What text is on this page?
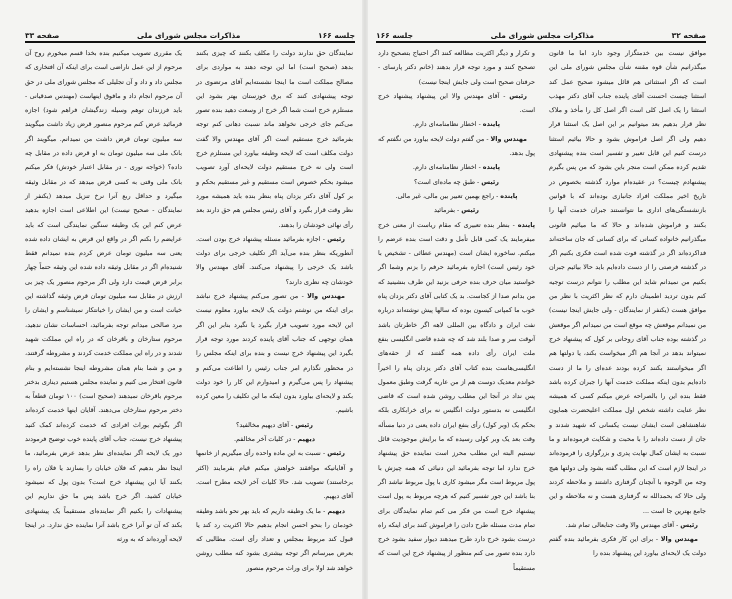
جلسه ۱۶۶
مذاکرات مجلس شورای ملی
صفحه ۳۳

نمایندگان حق ندارند دولت را مکلف بکنند که چیزی بکنند بدهد (صحیح است) اما این توجه دهند به مواردی برای مصالح مملکت است ما اینجا نشسته‌ایم آقای مرتضوی در توجه پیشنهادی کنند که برق خوزستان بهتر بشود این مستلزم خرج است شما اگر خرج از وسعت دهید بنده تصور می‌کنم جای خرجی نخواهد ماند نسبت دهانی کنم توجه بفرمائید خرج مستقیم است اگر آقای مهندس والا گفت دولت مکلف است که لایحه وظیفه بیاورد این مستلزم خرج است ولی نه خرج مستقیم دولت لایحه‌ای آورد تصویب میشود بحکم خصوص است مستقیم و غیر مستقیم بحکم و بر کول آقای دکتر یزدان پناه بنظر بنده باید همیشه مورد نظر وقت قرار بگیرد و آقای رئیس مجلس هم حق دارند بعد رأی نهائی خودشان را بدهند.

رئیس - اجازه بفرمائید مسئله پیشنهاد خرج بودن است. آنطوریکه بنظر بنده می‌آید اگر تکلیف خرجی برای دولت باشد یک خرجی را پیشنهاد می‌کنند. آقای مهندس والا خودشان چه نظری دارند؟

مهندس والا - من تصور می‌کنم پیشنهاد خرج نباشد برای اینکه من نوشتم دولت یک لایحه بیاورد معلوم نیست این لایحه مورد تصویب قرار بگیرد یا نگیرد بنابر این اگر همان توجهی که جناب آقای پاینده کردند مورد توجه قرار بگیرد این پیشنهاد خرج نیست و بنده برای اینکه مجلس را در محظور نگذارم امر جناب رئیس را اطاعت می‌کنم و پیشنهاد را پس می‌گیرم و امیدوارم این کار را خود دولت بکند و لایحه‌ای بیاورد بدون اینکه ما این تکلیف را معین کرده باشیم.

رئیس - آقای دیهیم مخالفید؟

دیهیم - در کلیات آخر مخالفم.

رئیس - نسبت به این ماده واحده رأی میگیریم از خانمها و آقایانیکه موافقند خواهش میکنم قیام بفرمایند (اکثر برخاستند) تصویب شد. حالا کلیات آخر لایحه مطرح است. آقای دیهیم.

دیهیم - ما یک وظیفه داریم که باید بهر نحو باشد وظیفه خودمان را بنحو احسن انجام بدهیم حالا اکثریت رد کند یا قبول کند مربوط بمجلس و تعداد رأی است. مطالبی که بعرض میرسانم اگر توجه بیشتری بشود کنه مطلب روشن خواهد شد اولا برای وراث مرحوم منصور

یک مقرری تصویب میکنیم بنده بخدا قسم میخورم روح آن مرحوم از این عمل ناراضی است برای اینکه آن افتخاری که مجلس داد و داد و آن تجلیلی که مجلس شورای ملی در حق آن مرحوم انجام داد و مافوق اینهاست (مهندس صدقیانی - باید فرزندان توهم وسیله زندگیشان فراهم شود) اجازه فرمائید عرض کنم مرحوم منصور قرض زیاد داشت میگویند سه میلیون تومان قرض داشت من نمیدانم. میگویند اگر بانک ملی سه میلیون تومان به او قرض داده در مقابل چه داده؟ (خواجه نوری - در مقابل اعتبار خودش) فکر میکنم بانک ملی وقتی به کسی قرض میدهد که در مقابل وثیقه میگیرد و حداقل ربع آنرا نرخ تنزیل میدهد (یکنفر از نمایندگان - صحیح نیست) این اطلاعی است اجازه بدهید عرض کنم این یک وظیفه سنگین نمایندگی است که باید عرایضم را بکنم اگر در واقع این قرض به ایشان داده شده یعنی سه میلیون تومان عرض کردم بنده نمیدانم فقط شنیده‌ام اگر در مقابل وثیقه داده شده این وثیقه حتماً چهار برابر قرض قیمت دارد ولی اگر مرحوم منصور یک چیز بی ارزش در مقابل سه میلیون تومان قرض وثیقه گذاشته این خیانت است و من ایشان را خیانتکار نمیشناسم و ایشان را مرد صالحی میدانم توجه بفرمائید، احساسات نشان ندهید، مرحوم ستارخان و باقرخان که در راه این مملکت شهید شدند و در راه این مملکت خدمت کردند و مشروطه گرفتند، و من و شما بنام همان مشروطه اینجا نشسته‌ایم و بنام قانون افتخار می کنیم و نماینده مجلس هستیم دیناری بدختر مرحوم باقرخان نمیدهند (صحیح است) ۱۰۰ تومان قطعاً به دختر مرحوم ستارخان می‌دهند. آقایان اینها خدمت کرده‌اند اگر بگوئیم بوراث افرادی که خدمت کرده‌اند کمک کنید پیشنهاد خرج نیست، جناب آقای پاینده خوب توضیح فرمودند دور یک لایحه اگر نماینده‌ای نظر بدهد عرض بفرمائید، ما اینجا نظر بدهیم که فلان خیابان را بسازند یا فلان راه را بکنند آیا این پیشنهاد خرج است؟ بدون پول که نمیشود خیابان کشید. اگر خرج باشد پس ما حق نداریم این پیشنهادات را بکنیم اگر نماینده‌ای مستقیماً یک پیشنهادی بکند که آن تو آنرا خرج باشد آنرا نماینده حق ندارد. در اینجا لایحه آورده‌اند که به ورثه

صفحه ۳۲
مذاکرات مجلس شورای ملی
جلسه ۱۶۶

موافق نیست بین خدمتگزار وجود دارد اما ما قانون میگذرانیم شأن قوه مقننه شأن مجلس شورای ملی این است که اگر استثنائی هم قائل میشود صحیح عمل کند استثنا چیست احسنت آقای پاینده جناب آقای دکتر مهذب استثنا را یک اصل کلی است اگر اصل کل را مأخذ و ملاک نظر قرار بدهیم بعد میتوانیم بر این اصل یک استثنا قرار دهیم ولی اگر اصل فراموش بشود و حالا بیائیم استثنا درست کنیم این قابل تعبیر و تفسیر است بنده پیشنهادی تقدیم کرده ممکن است منجر باین بشود که من پس بگیرم پیشنهادم چیست؟ در عقیده‌ام موارد گذشته بخصوص در تاریخ اخیر مملکت افراد جانبازی بوده‌اند که با قوانین بازنشستگی‌های اداری ما نتوانستند جبران خدمت آنها را بکنند و فراموش شده‌اند و حالا که ما میائیم قانونی میگذرانیم خانواده کسانی که برای کسانی که جان ساخته‌اند فداکرده‌اند اگر در گذشته فوت شده است فکری بکنیم اگر در گذشته فرصتی را از دست داده‌ایم باید حالا بیائیم جبران بکنیم من نمیدانم شاید این مطلب را نتوانم درست توجیه کنم بدون تردید اطمینان دارم که نظر اکثریت با نظر من موافق هست (یکنفر از نمایندگان - ولی جایش اینجا نیست) من نمیدانم موقعش چه موقع است من نمیدانم اگر موقعش در گذشته بوده جناب آقای روحانی بر کول که پیشنهاد خرج نمیتواند بدهد در آنجا هم اگر میخواست بکند، یا دولتها هم اگر میخواستند بکنند کرده بودند عده‌ای را ما از دست داده‌ایم بدون اینکه مملکت خدمت آنها را جبران کرده باشد فقط بنده این را بالصراحه عرض میکنم کسی که همیشه نظر عنایت داشته شخص اول مملکت اعلیحضرت همایون شاهنشاهی است ایشان نیست یکسانی که شهید شدند و جان از دست داده‌اند را با محبت و شکایت فرموده‌اند و ما نسبت به ایشان کمال نهایت پدری و بزرگواری را فرموده‌اند در اینجا لازم است که این مطلب گفته بشود ولی دولتها هیچ وجه من الوجوه با آنچنان گرفتاری داشتند و ملاحظه کردند ولی حالا که بحمدالله نه گرفتاری هست و نه ملاحظه و این جامع بهترین جا است ...

رئیس - آقای مهندس والا وقت جنابعالی تمام شد.

مهندس والا - برای این کار فکری بفرمائید بنده گفتم دولت یک لایحه‌ای بیاورد این پیشنهاد بنده را

و تکرار و دیگر اکثریت مطالعه کنند اگر احتیاج بتصحیح دارد تصحیح کنند و مورد توجه قرار بدهند (خانم دکتر پارسای - حرفتان صحیح است ولی جایش اینجا نیست)

رئیس - آقای مهندس والا این پیشنهاد پیشنهاد خرج است.

پاینده - اخطار نظامنامه‌ای دارم.

مهندس والا - من گفتم دولت لایحه بیاورد من نگفتم که پول بدهد.

پاینده - اخطار نظامنامه‌ای دارم.

رئیس - طبق چه ماده‌ای است؟

پاینده - راجع بهمین تعبیر بین مالی، غیر مالی.

رئیس - بفرمائید

پاینده - بنظر بنده تعبیری که مقام ریاست از معنی خرج میفرمایند یک کمی قابل تأمل و دقت است بنده عرضم را میکنم. ساخوره ایشان است (مهندس عطائی - تشخیص با خود رئیس است) اجازه بفرمائید حرفم را بزنم وشما اگر خواستید میان حرف بنده حرفی بزنید این طرف بنشینید که من بدانم صدا از کجاست. بد یک کتابی آقای دکتر یزدان پناه خوب ما کمپانی کیسون بوده که سالها پیش نوشته‌اند درباره نفت ایران و دادگاه بین المللی لاهه اگر خاطرتان باشد آنوقت سر و صدا بلند شد که چه شده قاضی انگلیسی بنفع ملت ایران رأی داده همه گفتند که از حقه‌های انگلیسی‌هاست بنده کتاب آقای دکتر یزدان پناه را اخیراً خواندم معدیک دوست هم از من عاریه گرفت وطبق معمول پس نداد در آنجا این مطلب روشن شده است که قاضی انگلیسی نه بدستور دولت انگلیس نه برای خرابکاری بلکه بحکم یک (وبر کول) رأی بنفع ایران داده یعنی در دنیا مسأله وقت بعد یک وبر کولی رسیده که ما برایش موجودیت قائل نیستیم البته این مطلب محرز است نماینده حق پیشنهاد خرج ندارد اما توجه بفرمائید این دنیائی که همه چیزش با پول مربوط است مگر میشود کاری با پول مربوط نباشد اگر بنا باشد این جور تفسیر کنیم که هرچه مربوط به پول است پیشنهاد خرج است من فکر می کنم تمام نمایندگان برای تمام مدت مسئله طرح دادن را فراموش کنند برای اینکه راه درست بشود خرج دارد طرح میدهند دیوار سفید بشود خرج دارد بنده تصور می کنم منظور از پیشنهاد خرج این است که مستقیماً
